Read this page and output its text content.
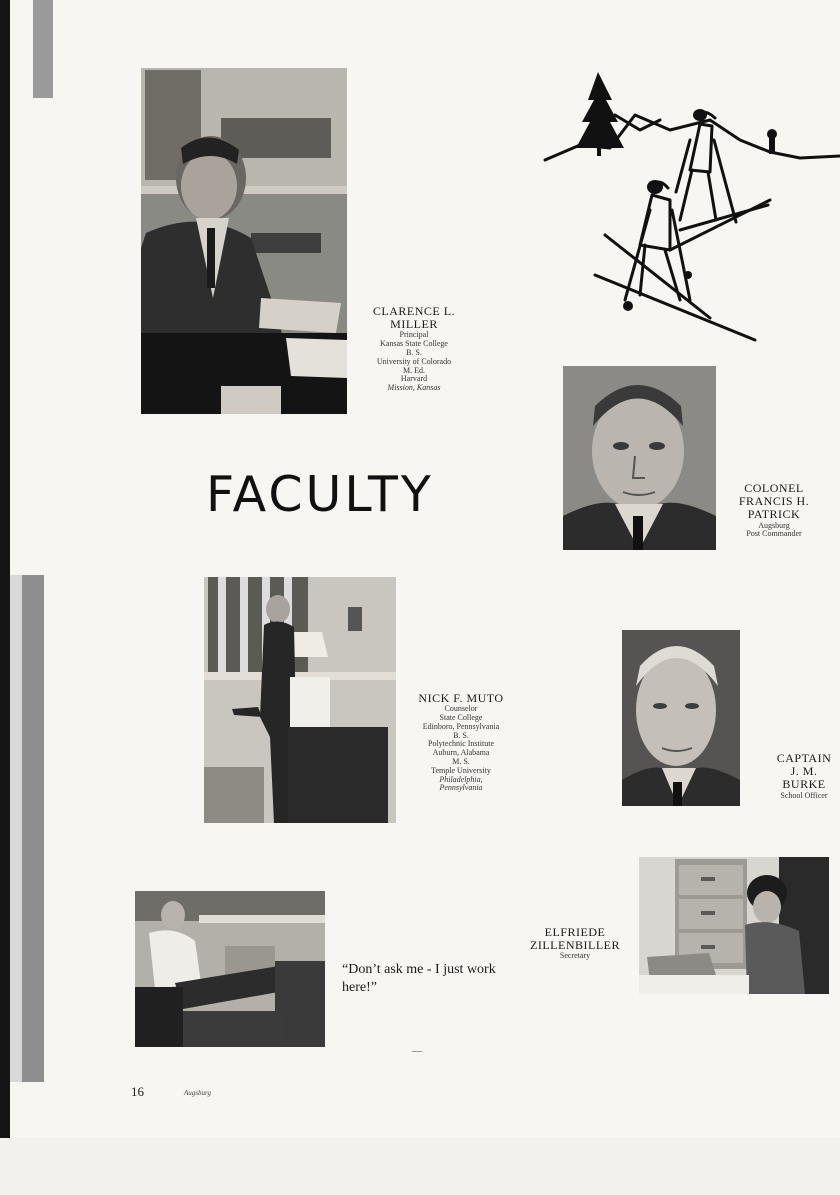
CLARENCE L.
MILLER
Principal
Kansas State College
B. S.
University of Colorado
M. Ed.
Harvard
Mission, Kansas
COLONEL
FRANCIS H.
PATRICK
Augsburg
Post Commander
FACULTY
NICK F. MUTO
Counselor
State College
Edinboro, Pennsylvania
B. S.
Polytechnic Institute
Auburn, Alabama
M. S.
Temple University
Philadelphia,
Pennsylvania
CAPTAIN
J. M. BURKE
School Officer
“Don’t ask me - I just work here!”
ELFRIEDE
ZILLENBILLER
Secretary
16	Augsburg
